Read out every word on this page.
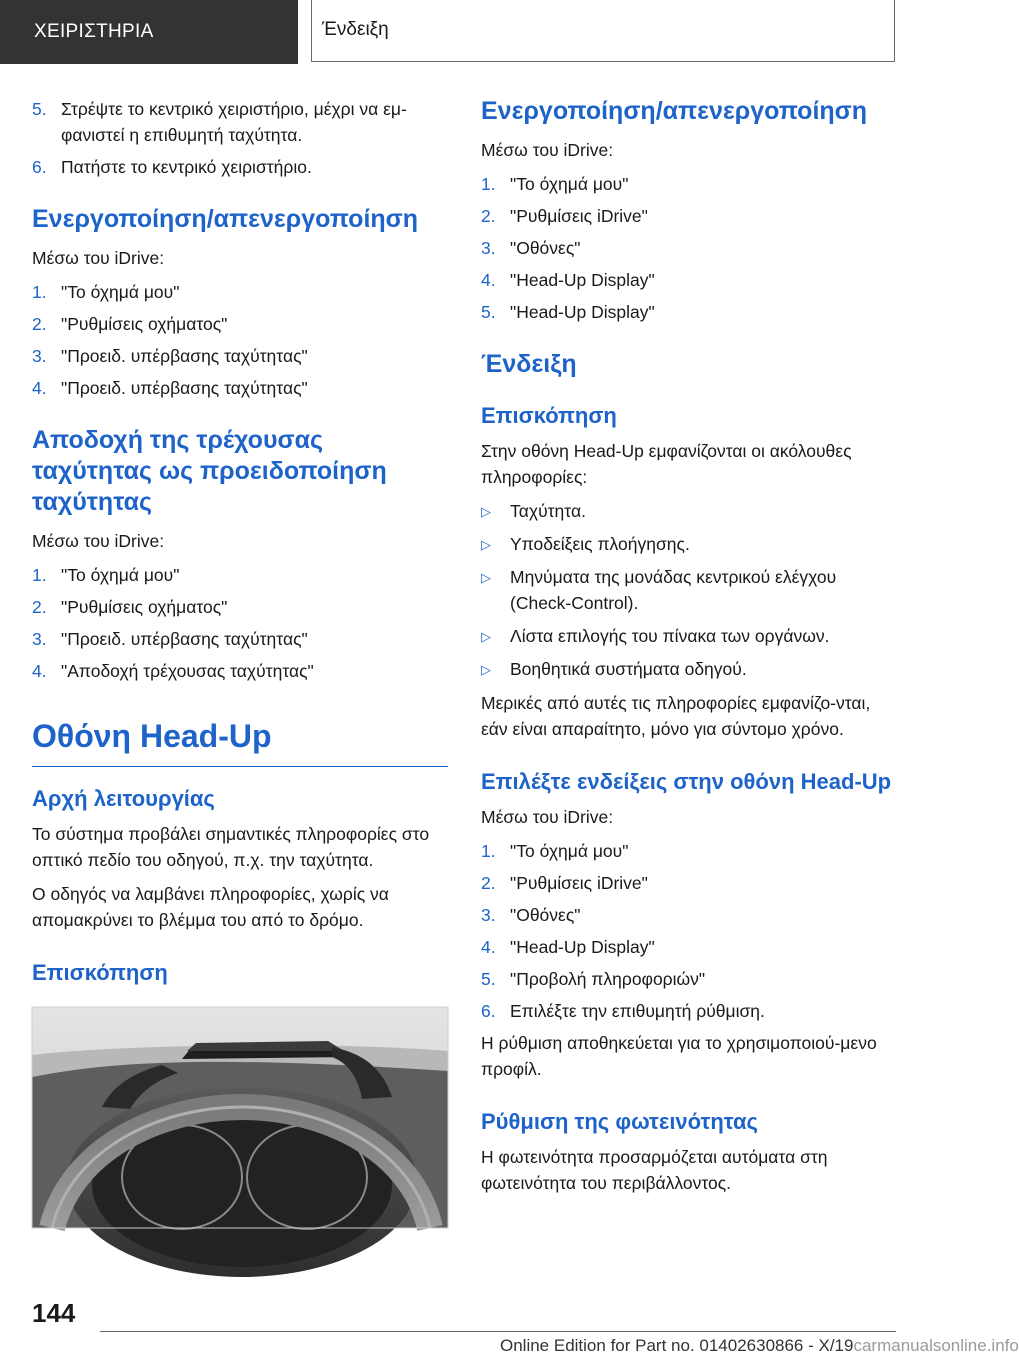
ΧΕΙΡΙΣΤΗΡΙΑ	Ένδειξη
5. Στρέψτε το κεντρικό χειριστήριο, μέχρι να εμ-φανιστεί η επιθυμητή ταχύτητα.
6. Πατήστε το κεντρικό χειριστήριο.
Ενεργοποίηση/απενεργοποίηση

Μέσω του iDrive:

1. "Το όχημά μου"
2. "Ρυθμίσεις οχήματος"
3. "Προειδ. υπέρβασης ταχύτητας"
4. "Προειδ. υπέρβασης ταχύτητας"
Αποδοχή της τρέχουσας ταχύτητας ως προειδοποίηση ταχύτητας

Μέσω του iDrive:

1. "Το όχημά μου"
2. "Ρυθμίσεις οχήματος"
3. "Προειδ. υπέρβασης ταχύτητας"
4. "Αποδοχή τρέχουσας ταχύτητας"
Οθόνη Head-Up
Αρχή λειτουργίας

Το σύστημα προβάλει σημαντικές πληροφορίες στο οπτικό πεδίο του οδηγού, π.χ. την ταχύτητα.

Ο οδηγός να λαμβάνει πληροφορίες, χωρίς να απομακρύνει το βλέμμα του από το δρόμο.

Επισκόπηση
Ενεργοποίηση/απενεργοποίηση

Μέσω του iDrive:

1. "Το όχημά μου"
2. "Ρυθμίσεις iDrive"
3. "Οθόνες"
4. "Head-Up Display"
5. "Head-Up Display"
Ένδειξη
Επισκόπηση

Στην οθόνη Head-Up εμφανίζονται οι ακόλουθες πληροφορίες:

▷ Ταχύτητα.
▷ Υποδείξεις πλοήγησης.
▷ Μηνύματα της μονάδας κεντρικού ελέγχου (Check-Control).
▷ Λίστα επιλογής του πίνακα των οργάνων.
▷ Βοηθητικά συστήματα οδηγού.

Μερικές από αυτές τις πληροφορίες εμφανίζο-νται, εάν είναι απαραίτητο, μόνο για σύντομο χρόνο.

Επιλέξτε ενδείξεις στην οθόνη Head-Up

Μέσω του iDrive:

1. "Το όχημά μου"
2. "Ρυθμίσεις iDrive"
3. "Οθόνες"
4. "Head-Up Display"
5. "Προβολή πληροφοριών"
6. Επιλέξτε την επιθυμητή ρύθμιση.

Η ρύθμιση αποθηκεύεται για το χρησιμοποιού-μενο προφίλ.

Ρύθμιση της φωτεινότητας

Η φωτεινότητα προσαρμόζεται αυτόματα στη φωτεινότητα του περιβάλλοντος.

144
Online Edition for Part no. 01402630866 - X/19carmanualsonline.info
